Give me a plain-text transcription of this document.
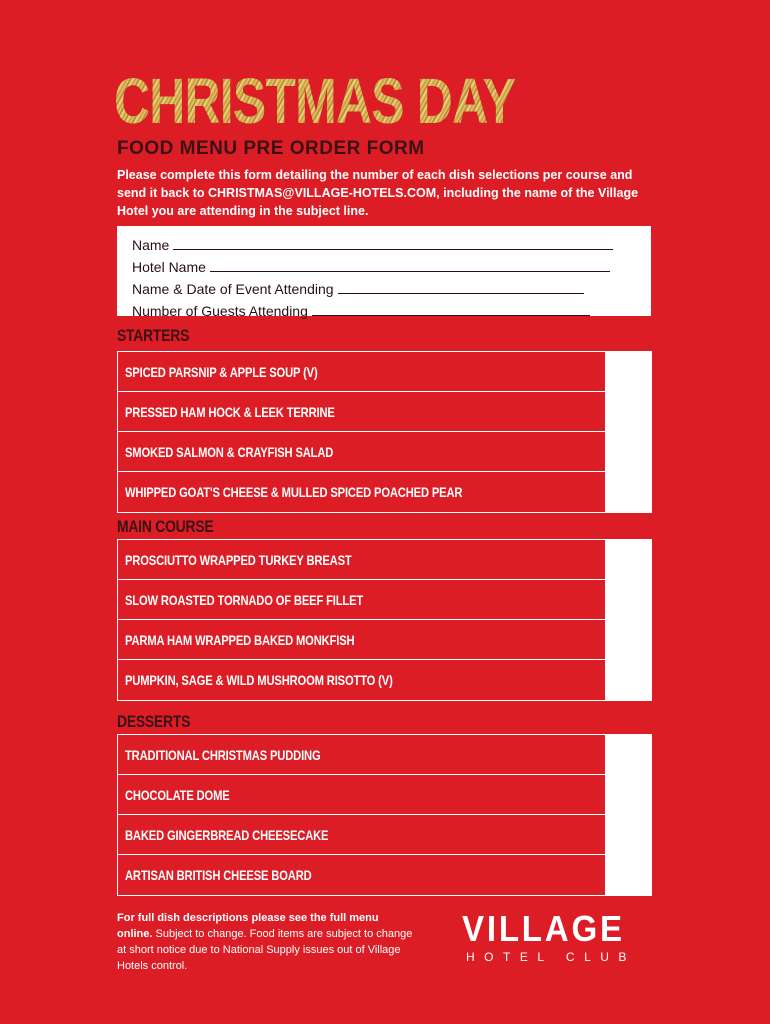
CHRISTMAS DAY
FOOD MENU PRE ORDER FORM
Please complete this form detailing the number of each dish selections per course and send it back to CHRISTMAS@VILLAGE-HOTELS.COM, including the name of the Village Hotel you are attending in the subject line.
Name
Hotel Name
Name & Date of Event Attending
Number of Guests Attending
STARTERS
SPICED PARSNIP & APPLE SOUP (V)
PRESSED HAM HOCK & LEEK TERRINE
SMOKED SALMON & CRAYFISH SALAD
WHIPPED GOAT'S CHEESE & MULLED SPICED POACHED PEAR
MAIN COURSE
PROSCIUTTO WRAPPED TURKEY BREAST
SLOW ROASTED TORNADO OF BEEF FILLET
PARMA HAM WRAPPED BAKED MONKFISH
PUMPKIN, SAGE & WILD MUSHROOM RISOTTO (V)
DESSERTS
TRADITIONAL CHRISTMAS PUDDING
CHOCOLATE DOME
BAKED GINGERBREAD CHEESECAKE
ARTISAN BRITISH CHEESE BOARD
For full dish descriptions please see the full menu online. Subject to change. Food items are subject to change at short notice due to National Supply issues out of Village Hotels control.
VILLAGE
HOTEL CLUB
